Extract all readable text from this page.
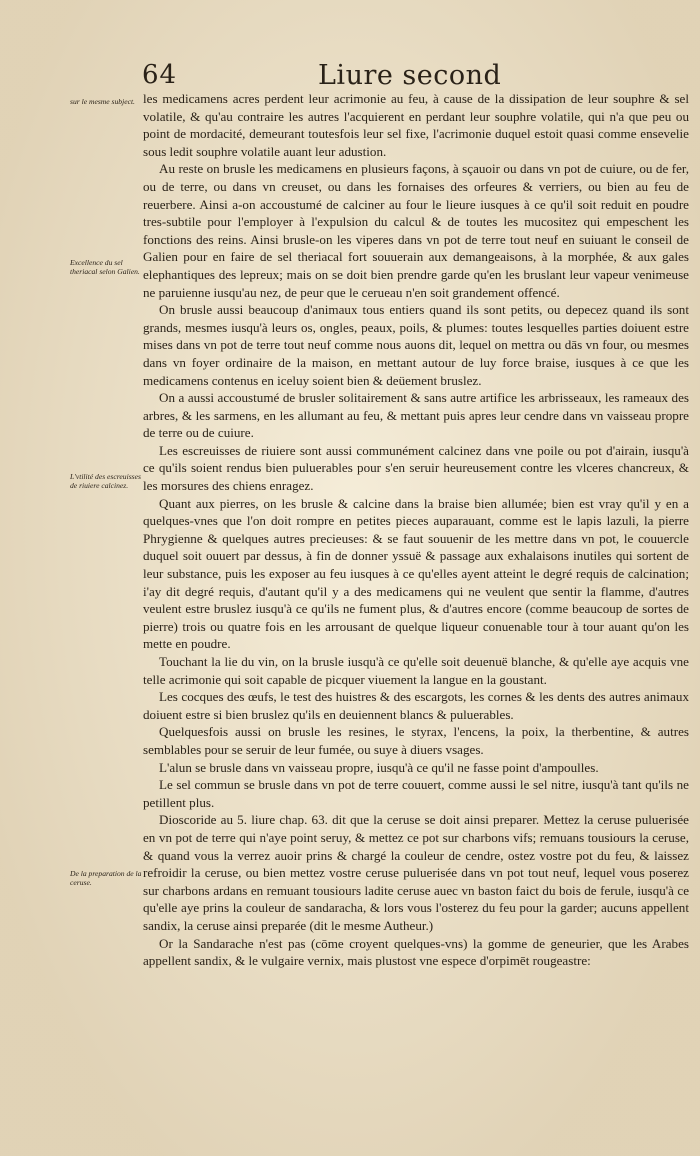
64	Liure second
sur le mesme subject.
Excellence du sel theriacal selon Galien.
L'vtilité des escreuisses de riuiere calcinez.
De la preparation de la ceruse.

les medicamens acres perdent leur acrimonie au feu, à cause de la dissipation de leur souphre & sel volatile, & qu'au contraire les autres l'acquierent en perdant leur souphre volatile, qui n'a que peu ou point de mordacité, demeurant toutesfois leur sel fixe, l'acrimonie duquel estoit quasi comme ensevelie sous ledit souphre volatile auant leur adustion.

Au reste on brusle les medicamens en plusieurs façons, à sçauoir ou dans vn pot de cuiure, ou de fer, ou de terre, ou dans vn creuset, ou dans les fornaises des orfeures & verriers, ou bien au feu de reuerbere. Ainsi a-on accoustumé de calciner au four le lieure iusques à ce qu'il soit reduit en poudre tres-subtile pour l'employer à l'expulsion du calcul & de toutes les mucositez qui empeschent les fonctions des reins. Ainsi brusle-on les viperes dans vn pot de terre tout neuf en suiuant le conseil de Galien pour en faire de sel theriacal fort souuerain aux demangeaisons, à la morphée, & aux gales elephantiques des lepreux; mais on se doit bien prendre garde qu'en les bruslant leur vapeur venimeuse ne paruienne iusqu'au nez, de peur que le cerueau n'en soit grandement offencé.

On brusle aussi beaucoup d'animaux tous entiers quand ils sont petits, ou depecez quand ils sont grands, mesmes iusqu'à leurs os, ongles, peaux, poils, & plumes: toutes lesquelles parties doiuent estre mises dans vn pot de terre tout neuf comme nous auons dit, lequel on mettra ou dās vn four, ou mesmes dans vn foyer ordinaire de la maison, en mettant autour de luy force braise, iusques à ce que les medicamens contenus en iceluy soient bien & deüement bruslez.

On a aussi accoustumé de brusler solitairement & sans autre artifice les arbrisseaux, les rameaux des arbres, & les sarmens, en les allumant au feu, & mettant puis apres leur cendre dans vn vaisseau propre de terre ou de cuiure.

Les escreuisses de riuiere sont aussi communément calcinez dans vne poile ou pot d'airain, iusqu'à ce qu'ils soient rendus bien puluerables pour s'en seruir heureusement contre les vlceres chancreux, & les morsures des chiens enragez.

Quant aux pierres, on les brusle & calcine dans la braise bien allumée; bien est vray qu'il y en a quelques-vnes que l'on doit rompre en petites pieces auparauant, comme est le lapis lazuli, la pierre Phrygienne & quelques autres precieuses: & se faut souuenir de les mettre dans vn pot, le couuercle duquel soit ouuert par dessus, à fin de donner yssuë & passage aux exhalaisons inutiles qui sortent de leur substance, puis les exposer au feu iusques à ce qu'elles ayent atteint le degré requis de calcination; i'ay dit degré requis, d'autant qu'il y a des medicamens qui ne veulent que sentir la flamme, d'autres veulent estre bruslez iusqu'à ce qu'ils ne fument plus, & d'autres encore (comme beaucoup de sortes de pierre) trois ou quatre fois en les arrousant de quelque liqueur conuenable tour à tour auant qu'on les mette en poudre.

Touchant la lie du vin, on la brusle iusqu'à ce qu'elle soit deuenuë blanche, & qu'elle aye acquis vne telle acrimonie qui soit capable de picquer viuement la langue en la goustant.

Les cocques des œufs, le test des huistres & des escargots, les cornes & les dents des autres animaux doiuent estre si bien bruslez qu'ils en deuiennent blancs & puluerables.

Quelquesfois aussi on brusle les resines, le styrax, l'encens, la poix, la therbentine, & autres semblables pour se seruir de leur fumée, ou suye à diuers vsages.

L'alun se brusle dans vn vaisseau propre, iusqu'à ce qu'il ne fasse point d'ampoulles.

Le sel commun se brusle dans vn pot de terre couuert, comme aussi le sel nitre, iusqu'à tant qu'ils ne petillent plus.

Dioscoride au 5. liure chap. 63. dit que la ceruse se doit ainsi preparer. Mettez la ceruse puluerisée en vn pot de terre qui n'aye point seruy, & mettez ce pot sur charbons vifs; remuans tousiours la ceruse, & quand vous la verrez auoir prins & chargé la couleur de cendre, ostez vostre pot du feu, & laissez refroidir la ceruse, ou bien mettez vostre ceruse puluerisée dans vn pot tout neuf, lequel vous poserez sur charbons ardans en remuant tousiours ladite ceruse auec vn baston faict du bois de ferule, iusqu'à ce qu'elle aye prins la couleur de sandaracha, & lors vous l'osterez du feu pour la garder; aucuns appellent sandix, la ceruse ainsi preparée (dit le mesme Autheur.)

Or la Sandarache n'est pas (cōme croyent quelques-vns) la gomme de geneurier, que les Arabes appellent sandix, & le vulgaire vernix, mais plustost vne espece d'orpimēt rougeastre:
